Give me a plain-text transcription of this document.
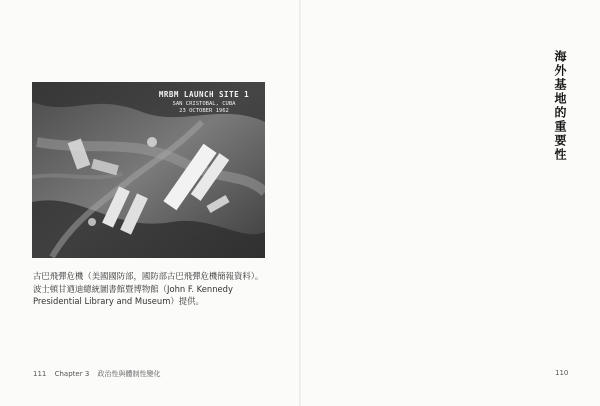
MRBM LAUNCH SITE 1
SAN CRISTOBAL, CUBA
23 OCTOBER 1962
古巴飛彈危機（美國國防部，國防部古巴飛彈危機簡報資料）。波士頓甘迺迪總統圖書館暨博物館（John F. Kennedy Presidential Library and Museum）提供。
111 Chapter 3 政治性與體制性變化
海外基地的重要性
110
